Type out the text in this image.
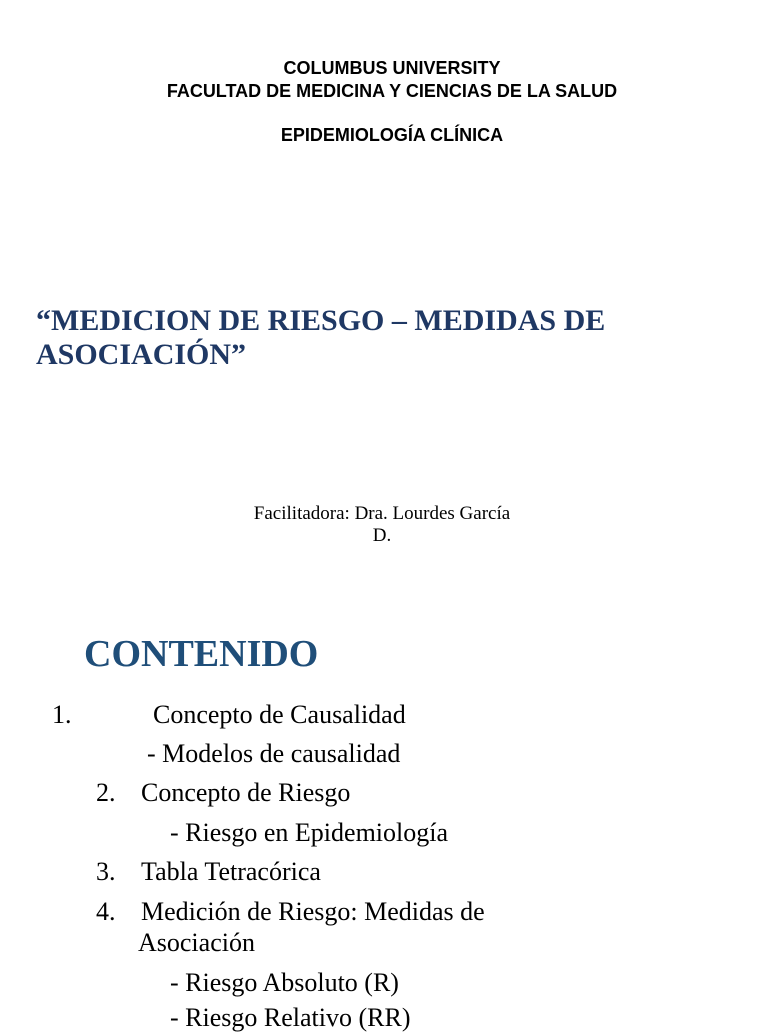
COLUMBUS UNIVERSITY
FACULTAD DE MEDICINA Y CIENCIAS DE LA SALUD
EPIDEMIOLOGÍA CLÍNICA
“MEDICION DE RIESGO – MEDIDAS DE
ASOCIACIÓN”
Facilitadora: Dra. Lourdes García
D.
CONTENIDO
1.	Concepto de Causalidad
- Modelos de causalidad
2. Concepto de Riesgo
- Riesgo en Epidemiología
3. Tabla Tetracórica
4. Medición de Riesgo: Medidas de
Asociación
- Riesgo Absoluto (R)
- Riesgo Relativo (RR)
